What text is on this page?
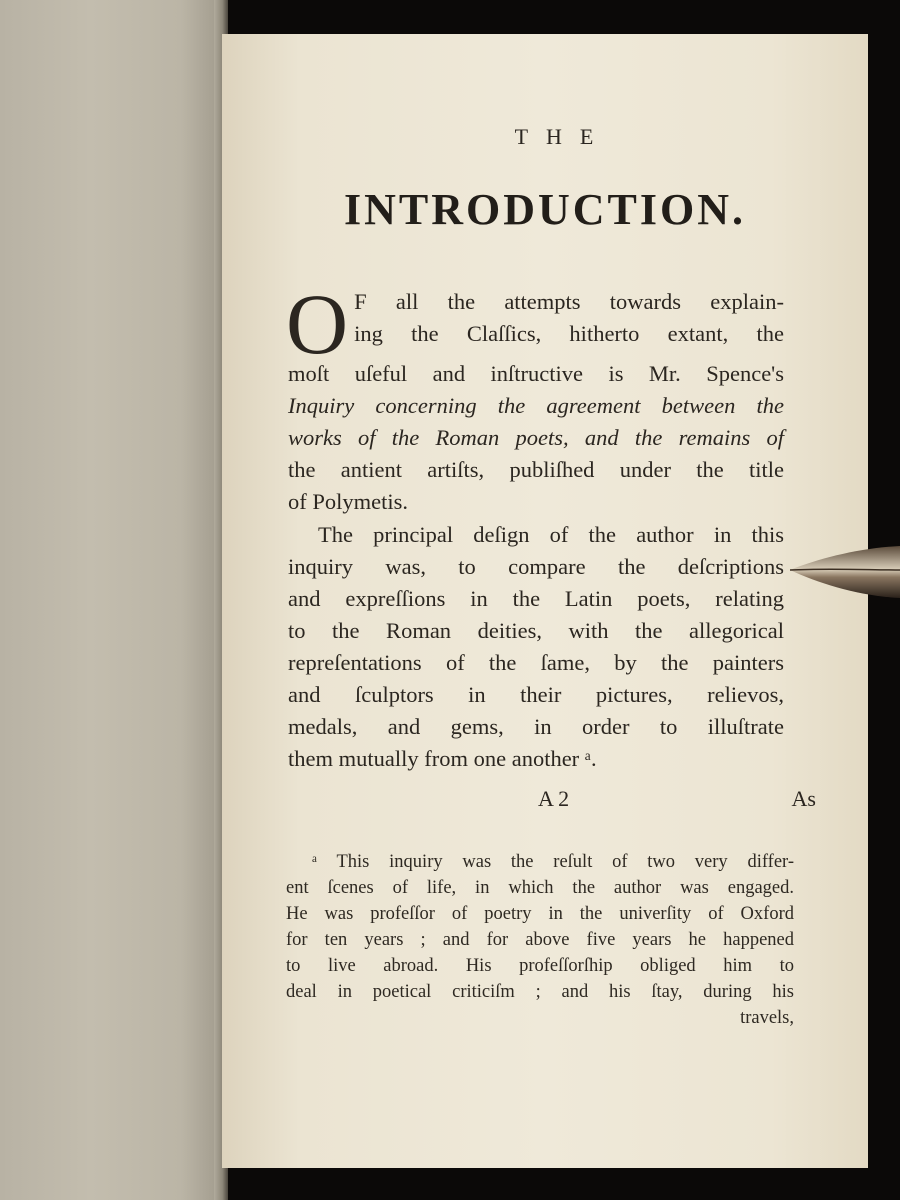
THE
INTRODUCTION.
O F all the attempts towards explain-
ing the Claſſics, hitherto extant, the
moſt uſeful and inſtructive is Mr. Spence's
Inquiry concerning the agreement between the
works of the Roman poets, and the remains of
the antient artiſts, publiſhed under the title
of Polymetis.
The principal deſign of the author in this
inquiry was, to compare the deſcriptions
and expreſſions in the Latin poets, relating
to the Roman deities, with the allegorical
repreſentations of the ſame, by the painters
and ſculptors in their pictures, relievos,
medals, and gems, in order to illuſtrate
them mutually from one another ᵃ.
A 2	As
ᵃ This inquiry was the reſult of two very differ-
ent ſcenes of life, in which the author was engaged.
He was profeſſor of poetry in the univerſity of Oxford
for ten years ; and for above five years he happened
to live abroad. His profeſſorſhip obliged him to
deal in poetical criticiſm ; and his ſtay, during his
travels,
